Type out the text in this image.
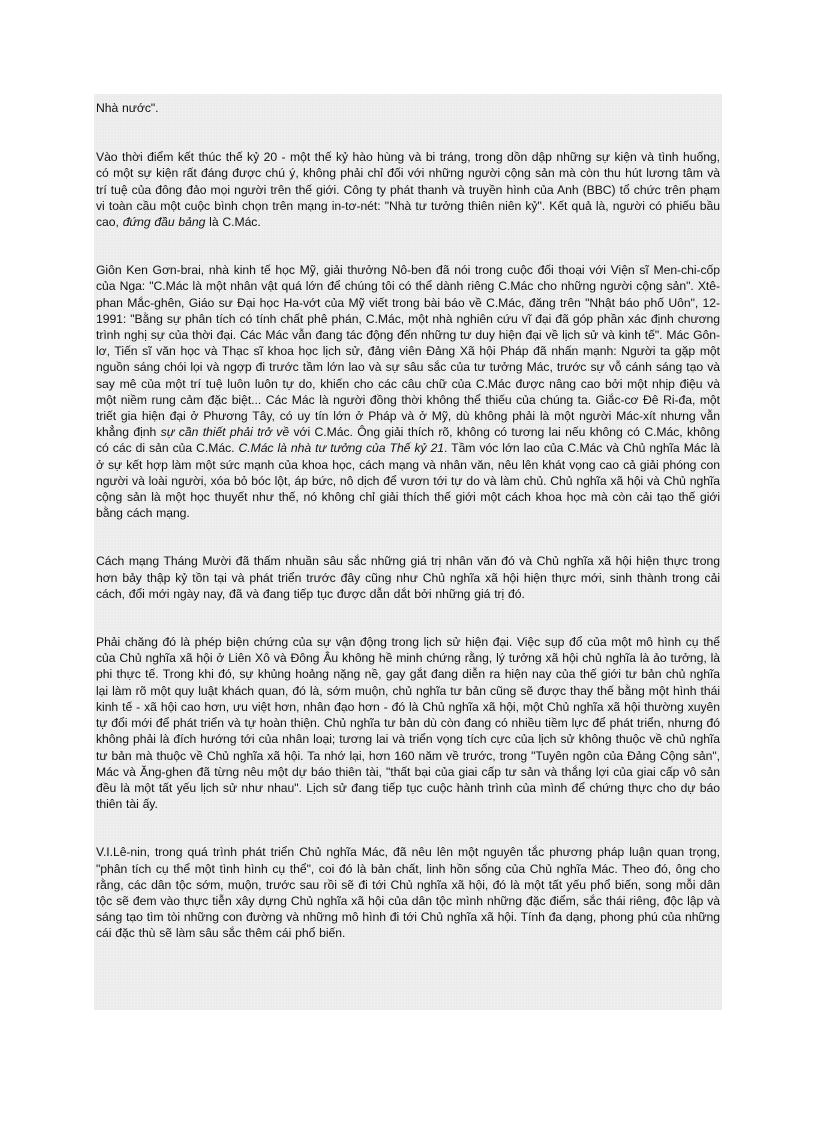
Nhà nước".

Vào thời điểm kết thúc thế kỷ 20 - một thế kỷ hào hùng và bi tráng, trong dồn dập những sự kiện và tình huống, có một sự kiện rất đáng được chú ý, không phải chỉ đối với những người cộng sản mà còn thu hút lương tâm và trí tuệ của đông đảo mọi người trên thế giới. Công ty phát thanh và truyền hình của Anh (BBC) tổ chức trên phạm vi toàn cầu một cuộc bình chọn trên mạng in-tơ-nét: "Nhà tư tưởng thiên niên kỷ". Kết quả là, người có phiếu bầu cao, đứng đầu bảng là C.Mác.

Giôn Ken Gơn-brai, nhà kinh tế học Mỹ, giải thưởng Nô-ben đã nói trong cuộc đối thoại với Viện sĩ Men-chi-cốp của Nga: "C.Mác là một nhân vật quá lớn để chúng tôi có thể dành riêng C.Mác cho những người cộng sản". Xtê-phan Mắc-ghên, Giáo sư Đại học Ha-vớt của Mỹ viết trong bài báo về C.Mác, đăng trên "Nhật báo phố Uôn", 12-1991: "Bằng sự phân tích có tính chất phê phán, C.Mác, một nhà nghiên cứu vĩ đại đã góp phần xác định chương trình nghị sự của thời đại. Các Mác vẫn đang tác động đến những tư duy hiện đại về lịch sử và kinh tế". Mác Gôn-lơ, Tiến sĩ văn học và Thạc sĩ khoa học lịch sử, đảng viên Đảng Xã hội Pháp đã nhấn mạnh: Người ta gặp một nguồn sáng chói lọi và ngợp đi trước tầm lớn lao và sự sâu sắc của tư tưởng Mác, trước sự vỗ cánh sáng tạo và say mê của một trí tuệ luôn luôn tự do, khiến cho các câu chữ của C.Mác được nâng cao bởi một nhịp điệu và một niềm rung cảm đặc biệt... Các Mác là người đồng thời không thể thiếu của chúng ta. Giắc-cơ Đê Ri-đa, một triết gia hiện đại ở Phương Tây, có uy tín lớn ở Pháp và ở Mỹ, dù không phải là một người Mác-xít nhưng vẫn khẳng định sự cần thiết phải trở về với C.Mác. Ông giải thích rõ, không có tương lai nếu không có C.Mác, không có các di sản của C.Mác. C.Mác là nhà tư tưởng của Thế kỷ 21. Tầm vóc lớn lao của C.Mác và Chủ nghĩa Mác là ở sự kết hợp làm một sức mạnh của khoa học, cách mạng và nhân văn, nêu lên khát vọng cao cả giải phóng con người và loài người, xóa bỏ bóc lột, áp bức, nô dịch để vươn tới tự do và làm chủ. Chủ nghĩa xã hội và Chủ nghĩa cộng sản là một học thuyết như thế, nó không chỉ giải thích thế giới một cách khoa học mà còn cải tạo thế giới bằng cách mạng.

Cách mạng Tháng Mười đã thấm nhuần sâu sắc những giá trị nhân văn đó và Chủ nghĩa xã hội hiện thực trong hơn bảy thập kỷ tồn tại và phát triển trước đây cũng như Chủ nghĩa xã hội hiện thực mới, sinh thành trong cải cách, đổi mới ngày nay, đã và đang tiếp tục được dẫn dắt bởi những giá trị đó.

Phải chăng đó là phép biện chứng của sự vận động trong lịch sử hiện đại. Việc sụp đổ của một mô hình cụ thể của Chủ nghĩa xã hội ở Liên Xô và Đông Âu không hề minh chứng rằng, lý tưởng xã hội chủ nghĩa là ảo tưởng, là phi thực tế. Trong khi đó, sự khủng hoảng nặng nề, gay gắt đang diễn ra hiện nay của thế giới tư bản chủ nghĩa lại làm rõ một quy luật khách quan, đó là, sớm muộn, chủ nghĩa tư bản cũng sẽ được thay thế bằng một hình thái kinh tế - xã hội cao hơn, ưu việt hơn, nhân đạo hơn - đó là Chủ nghĩa xã hội, một Chủ nghĩa xã hội thường xuyên tự đổi mới để phát triển và tự hoàn thiện. Chủ nghĩa tư bản dù còn đang có nhiều tiềm lực để phát triển, nhưng đó không phải là đích hướng tới của nhân loại; tương lai và triển vọng tích cực của lịch sử không thuộc về chủ nghĩa tư bản mà thuộc về Chủ nghĩa xã hội. Ta nhớ lại, hơn 160 năm về trước, trong "Tuyên ngôn của Đảng Cộng sản", Mác và Ăng-ghen đã từng nêu một dự báo thiên tài, "thất bại của giai cấp tư sản và thắng lợi của giai cấp vô sản đều là một tất yếu lịch sử như nhau". Lịch sử đang tiếp tục cuộc hành trình của mình để chứng thực cho dự báo thiên tài ấy.

V.I.Lê-nin, trong quá trình phát triển Chủ nghĩa Mác, đã nêu lên một nguyên tắc phương pháp luận quan trọng, "phân tích cụ thể một tình hình cụ thể", coi đó là bản chất, linh hồn sống của Chủ nghĩa Mác. Theo đó, ông cho rằng, các dân tộc sớm, muộn, trước sau rồi sẽ đi tới Chủ nghĩa xã hội, đó là một tất yếu phổ biến, song mỗi dân tộc sẽ đem vào thực tiễn xây dựng Chủ nghĩa xã hội của dân tộc mình những đặc điểm, sắc thái riêng, độc lập và sáng tạo tìm tòi những con đường và những mô hình đi tới Chủ nghĩa xã hội. Tính đa dạng, phong phú của những cái đặc thù sẽ làm sâu sắc thêm cái phổ biến.
